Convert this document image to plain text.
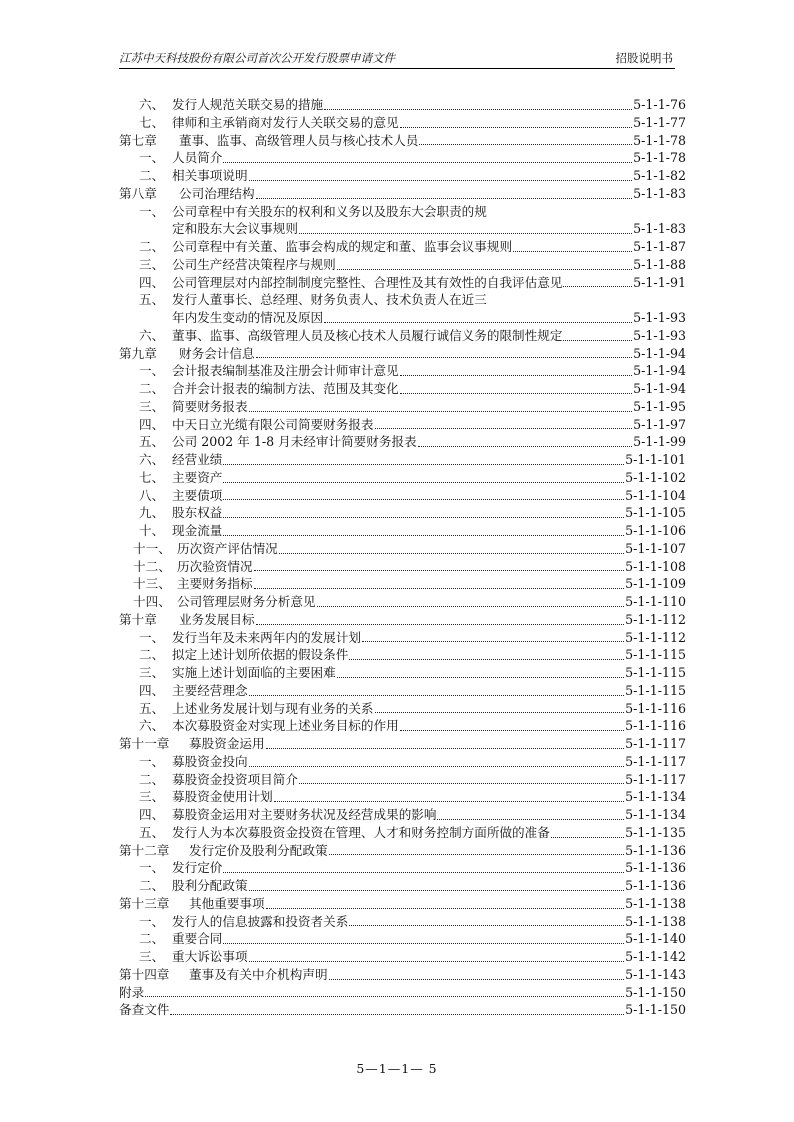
江苏中天科技股份有限公司首次公开发行股票申请文件	招股说明书
六、 发行人规范关联交易的措施	5-1-1-76
七、 律师和主承销商对发行人关联交易的意见	5-1-1-77
第七章	董事、监事、高级管理人员与核心技术人员	5-1-1-78
一、 人员简介	5-1-1-78
二、 相关事项说明	5-1-1-82
第八章	公司治理结构	5-1-1-83
一、 公司章程中有关股东的权利和义务以及股东大会职责的规
定和股东大会议事规则	5-1-1-83
二、 公司章程中有关董、监事会构成的规定和董、监事会议事规则	5-1-1-87
三、 公司生产经营决策程序与规则	5-1-1-88
四、 公司管理层对内部控制制度完整性、合理性及其有效性的自我评估意见	5-1-1-91
五、 发行人董事长、总经理、财务负责人、技术负责人在近三
年内发生变动的情况及原因	5-1-1-93
六、 董事、监事、高级管理人员及核心技术人员履行诚信义务的限制性规定	5-1-1-93
第九章	财务会计信息	5-1-1-94
一、 会计报表编制基准及注册会计师审计意见	5-1-1-94
二、 合并会计报表的编制方法、范围及其变化	5-1-1-94
三、 简要财务报表	5-1-1-95
四、 中天日立光缆有限公司简要财务报表	5-1-1-97
五、 公司 2002 年 1-8 月未经审计简要财务报表	5-1-1-99
六、 经营业绩	5-1-1-101
七、 主要资产	5-1-1-102
八、 主要债项	5-1-1-104
九、 股东权益	5-1-1-105
十、 现金流量	5-1-1-106
十一、 历次资产评估情况	5-1-1-107
十二、 历次验资情况	5-1-1-108
十三、 主要财务指标	5-1-1-109
十四、 公司管理层财务分析意见	5-1-1-110
第十章	业务发展目标	5-1-1-112
一、 发行当年及未来两年内的发展计划	5-1-1-112
二、 拟定上述计划所依据的假设条件	5-1-1-115
三、 实施上述计划面临的主要困难	5-1-1-115
四、 主要经营理念	5-1-1-115
五、 上述业务发展计划与现有业务的关系	5-1-1-116
六、 本次募股资金对实现上述业务目标的作用	5-1-1-116
第十一章	募股资金运用	5-1-1-117
一、 募股资金投向	5-1-1-117
二、 募股资金投资项目简介	5-1-1-117
三、 募股资金使用计划	5-1-1-134
四、 募股资金运用对主要财务状况及经营成果的影响	5-1-1-134
五、 发行人为本次募股资金投资在管理、人才和财务控制方面所做的准备	5-1-1-135
第十二章	发行定价及股利分配政策	5-1-1-136
一、 发行定价	5-1-1-136
二、 股利分配政策	5-1-1-136
第十三章	其他重要事项	5-1-1-138
一、 发行人的信息披露和投资者关系	5-1-1-138
二、 重要合同	5-1-1-140
三、 重大诉讼事项	5-1-1-142
第十四章	董事及有关中介机构声明	5-1-1-143
附录	5-1-1-150
备查文件	5-1-1-150
5—1—1— 5
